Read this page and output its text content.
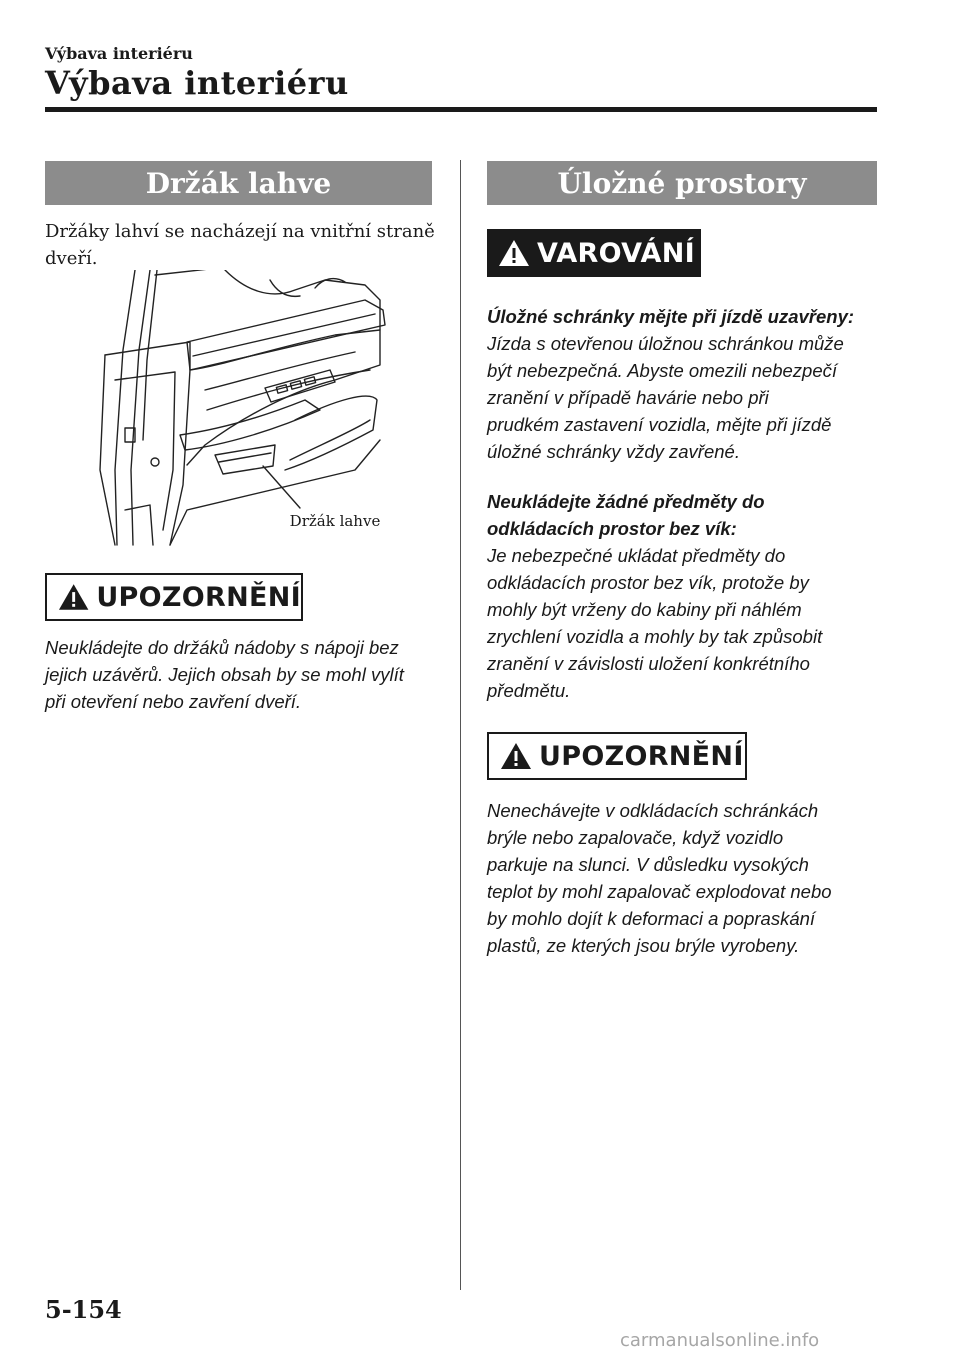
Výbava interiéru
Výbava interiéru
Držák lahve
Držáky lahví se nacházejí na vnitřní straně dveří.
Držák lahve
UPOZORNĚNÍ
Neukládejte do držáků nádoby s nápoji bez
jejich uzávěrů. Jejich obsah by se mohl vylít
při otevření nebo zavření dveří.
Úložné prostory
VAROVÁNÍ
Úložné schránky mějte při jízdě uzavřeny:
Jízda s otevřenou úložnou schránkou může
být nebezpečná. Abyste omezili nebezpečí
zranění v případě havárie nebo při
prudkém zastavení vozidla, mějte při jízdě
úložné schránky vždy zavřené.
Neukládejte žádné předměty do
odkládacích prostor bez vík:
Je nebezpečné ukládat předměty do
odkládacích prostor bez vík, protože by
mohly být vrženy do kabiny při náhlém
zrychlení vozidla a mohly by tak způsobit
zranění v závislosti uložení konkrétního
předmětu.
UPOZORNĚNÍ
Nenechávejte v odkládacích schránkách
brýle nebo zapalovače, když vozidlo
parkuje na slunci. V důsledku vysokých
teplot by mohl zapalovač explodovat nebo
by mohlo dojít k deformaci a popraskání
plastů, ze kterých jsou brýle vyrobeny.
5-154
carmanualsonline.info
